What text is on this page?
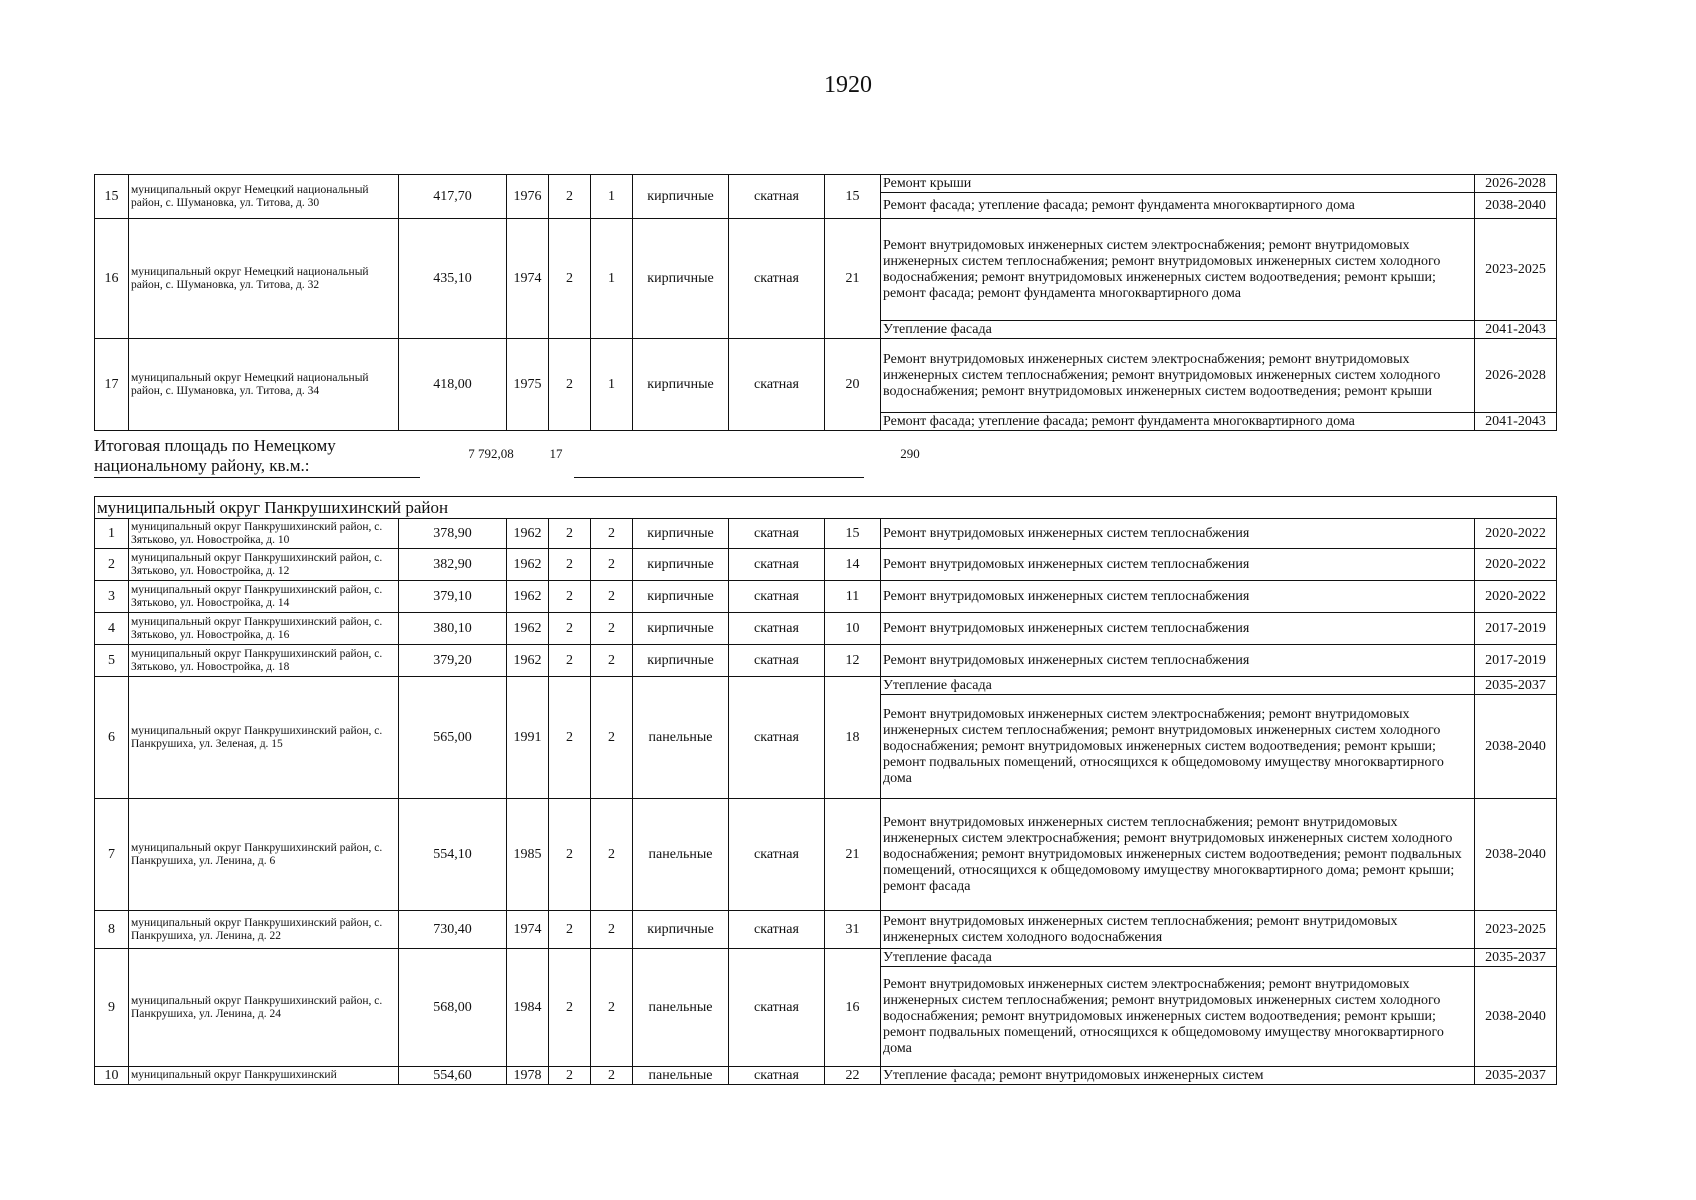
1920
15	муниципальный округ Немецкий национальный район, с. Шумановка, ул. Титова, д. 30	417,70	1976	2	1	кирпичные	скатная	15	Ремонт крыши	2026-2028
									Ремонт фасада; утепление фасада; ремонт фундамента многоквартирного дома	2038-2040
16	муниципальный округ Немецкий национальный район, с. Шумановка, ул. Титова, д. 32	435,10	1974	2	1	кирпичные	скатная	21	Ремонт внутридомовых инженерных систем электроснабжения; ремонт внутридомовых инженерных систем теплоснабжения; ремонт внутридомовых инженерных систем холодного водоснабжения; ремонт внутридомовых инженерных систем водоотведения; ремонт крыши; ремонт фасада; ремонт фундамента многоквартирного дома	2023-2025
									Утепление фасада	2041-2043
17	муниципальный округ Немецкий национальный район, с. Шумановка, ул. Титова, д. 34	418,00	1975	2	1	кирпичные	скатная	20	Ремонт внутридомовых инженерных систем электроснабжения; ремонт внутридомовых инженерных систем теплоснабжения; ремонт внутридомовых инженерных систем холодного водоснабжения; ремонт внутридомовых инженерных систем водоотведения; ремонт крыши	2026-2028
									Ремонт фасада; утепление фасада; ремонт фундамента многоквартирного дома	2041-2043
Итоговая площадь по Немецкому национальному району, кв.м.:
7 792,08	17	290
муниципальный округ Панкрушихинский район										
1	муниципальный округ Панкрушихинский район, с. Зятьково, ул. Новостройка, д. 10	378,90	1962	2	2	кирпичные	скатная	15	Ремонт внутридомовых инженерных систем теплоснабжения	2020-2022
2	муниципальный округ Панкрушихинский район, с. Зятьково, ул. Новостройка, д. 12	382,90	1962	2	2	кирпичные	скатная	14	Ремонт внутридомовых инженерных систем теплоснабжения	2020-2022
3	муниципальный округ Панкрушихинский район, с. Зятьково, ул. Новостройка, д. 14	379,10	1962	2	2	кирпичные	скатная	11	Ремонт внутридомовых инженерных систем теплоснабжения	2020-2022
4	муниципальный округ Панкрушихинский район, с. Зятьково, ул. Новостройка, д. 16	380,10	1962	2	2	кирпичные	скатная	10	Ремонт внутридомовых инженерных систем теплоснабжения	2017-2019
5	муниципальный округ Панкрушихинский район, с. Зятьково, ул. Новостройка, д. 18	379,20	1962	2	2	кирпичные	скатная	12	Ремонт внутридомовых инженерных систем теплоснабжения	2017-2019
6	муниципальный округ Панкрушихинский район, с. Панкрушиха, ул. Зеленая, д. 15	565,00	1991	2	2	панельные	скатная	18	Утепление фасада	2035-2037
									Ремонт внутридомовых инженерных систем электроснабжения; ремонт внутридомовых инженерных систем теплоснабжения; ремонт внутридомовых инженерных систем холодного водоснабжения; ремонт внутридомовых инженерных систем водоотведения; ремонт крыши; ремонт подвальных помещений, относящихся к общедомовому имуществу многоквартирного дома	2038-2040
7	муниципальный округ Панкрушихинский район, с. Панкрушиха, ул. Ленина, д. 6	554,10	1985	2	2	панельные	скатная	21	Ремонт внутридомовых инженерных систем теплоснабжения; ремонт внутридомовых инженерных систем электроснабжения; ремонт внутридомовых инженерных систем холодного водоснабжения; ремонт внутридомовых инженерных систем водоотведения; ремонт подвальных помещений, относящихся к общедомовому имуществу многоквартирного дома; ремонт крыши; ремонт фасада	2038-2040
8	муниципальный округ Панкрушихинский район, с. Панкрушиха, ул. Ленина, д. 22	730,40	1974	2	2	кирпичные	скатная	31	Ремонт внутридомовых инженерных систем теплоснабжения; ремонт внутридомовых инженерных систем холодного водоснабжения	2023-2025
9	муниципальный округ Панкрушихинский район, с. Панкрушиха, ул. Ленина, д. 24	568,00	1984	2	2	панельные	скатная	16	Утепление фасада	2035-2037
									Ремонт внутридомовых инженерных систем электроснабжения; ремонт внутридомовых инженерных систем теплоснабжения; ремонт внутридомовых инженерных систем холодного водоснабжения; ремонт внутридомовых инженерных систем водоотведения; ремонт крыши; ремонт подвальных помещений, относящихся к общедомовому имуществу многоквартирного дома	2038-2040
10	муниципальный округ Панкрушихинский	554,60	1978	2	2	панельные	скатная	22	Утепление фасада; ремонт внутридомовых инженерных систем	2035-2037
